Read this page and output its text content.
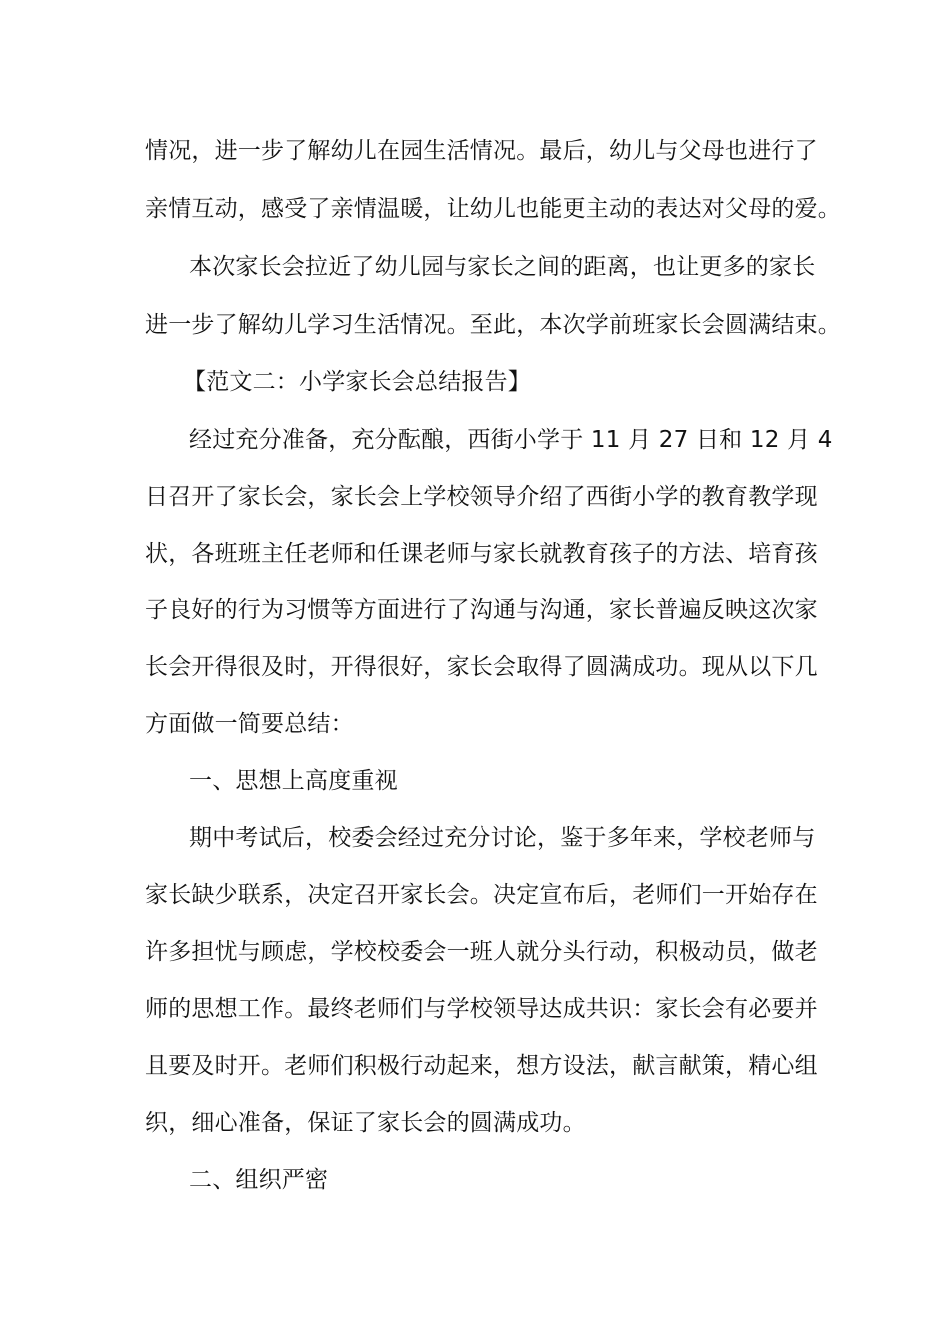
情况，进一步了解幼儿在园生活情况。最后，幼儿与父母也进行了
亲情互动，感受了亲情温暖，让幼儿也能更主动的表达对父母的爱。
本次家长会拉近了幼儿园与家长之间的距离，也让更多的家长
进一步了解幼儿学习生活情况。至此，本次学前班家长会圆满结束。
【范文二：小学家长会总结报告】
经过充分准备，充分酝酿，西街小学于 11 月 27 日和 12 月 4
日召开了家长会，家长会上学校领导介绍了西街小学的教育教学现
状，各班班主任老师和任课老师与家长就教育孩子的方法、培育孩
子良好的行为习惯等方面进行了沟通与沟通，家长普遍反映这次家
长会开得很及时，开得很好，家长会取得了圆满成功。现从以下几
方面做一简要总结：
一、思想上高度重视
期中考试后，校委会经过充分讨论，鉴于多年来，学校老师与
家长缺少联系，决定召开家长会。决定宣布后，老师们一开始存在
许多担忧与顾虑，学校校委会一班人就分头行动，积极动员，做老
师的思想工作。最终老师们与学校领导达成共识：家长会有必要并
且要及时开。老师们积极行动起来，想方设法，献言献策，精心组
织，细心准备，保证了家长会的圆满成功。
二、组织严密
